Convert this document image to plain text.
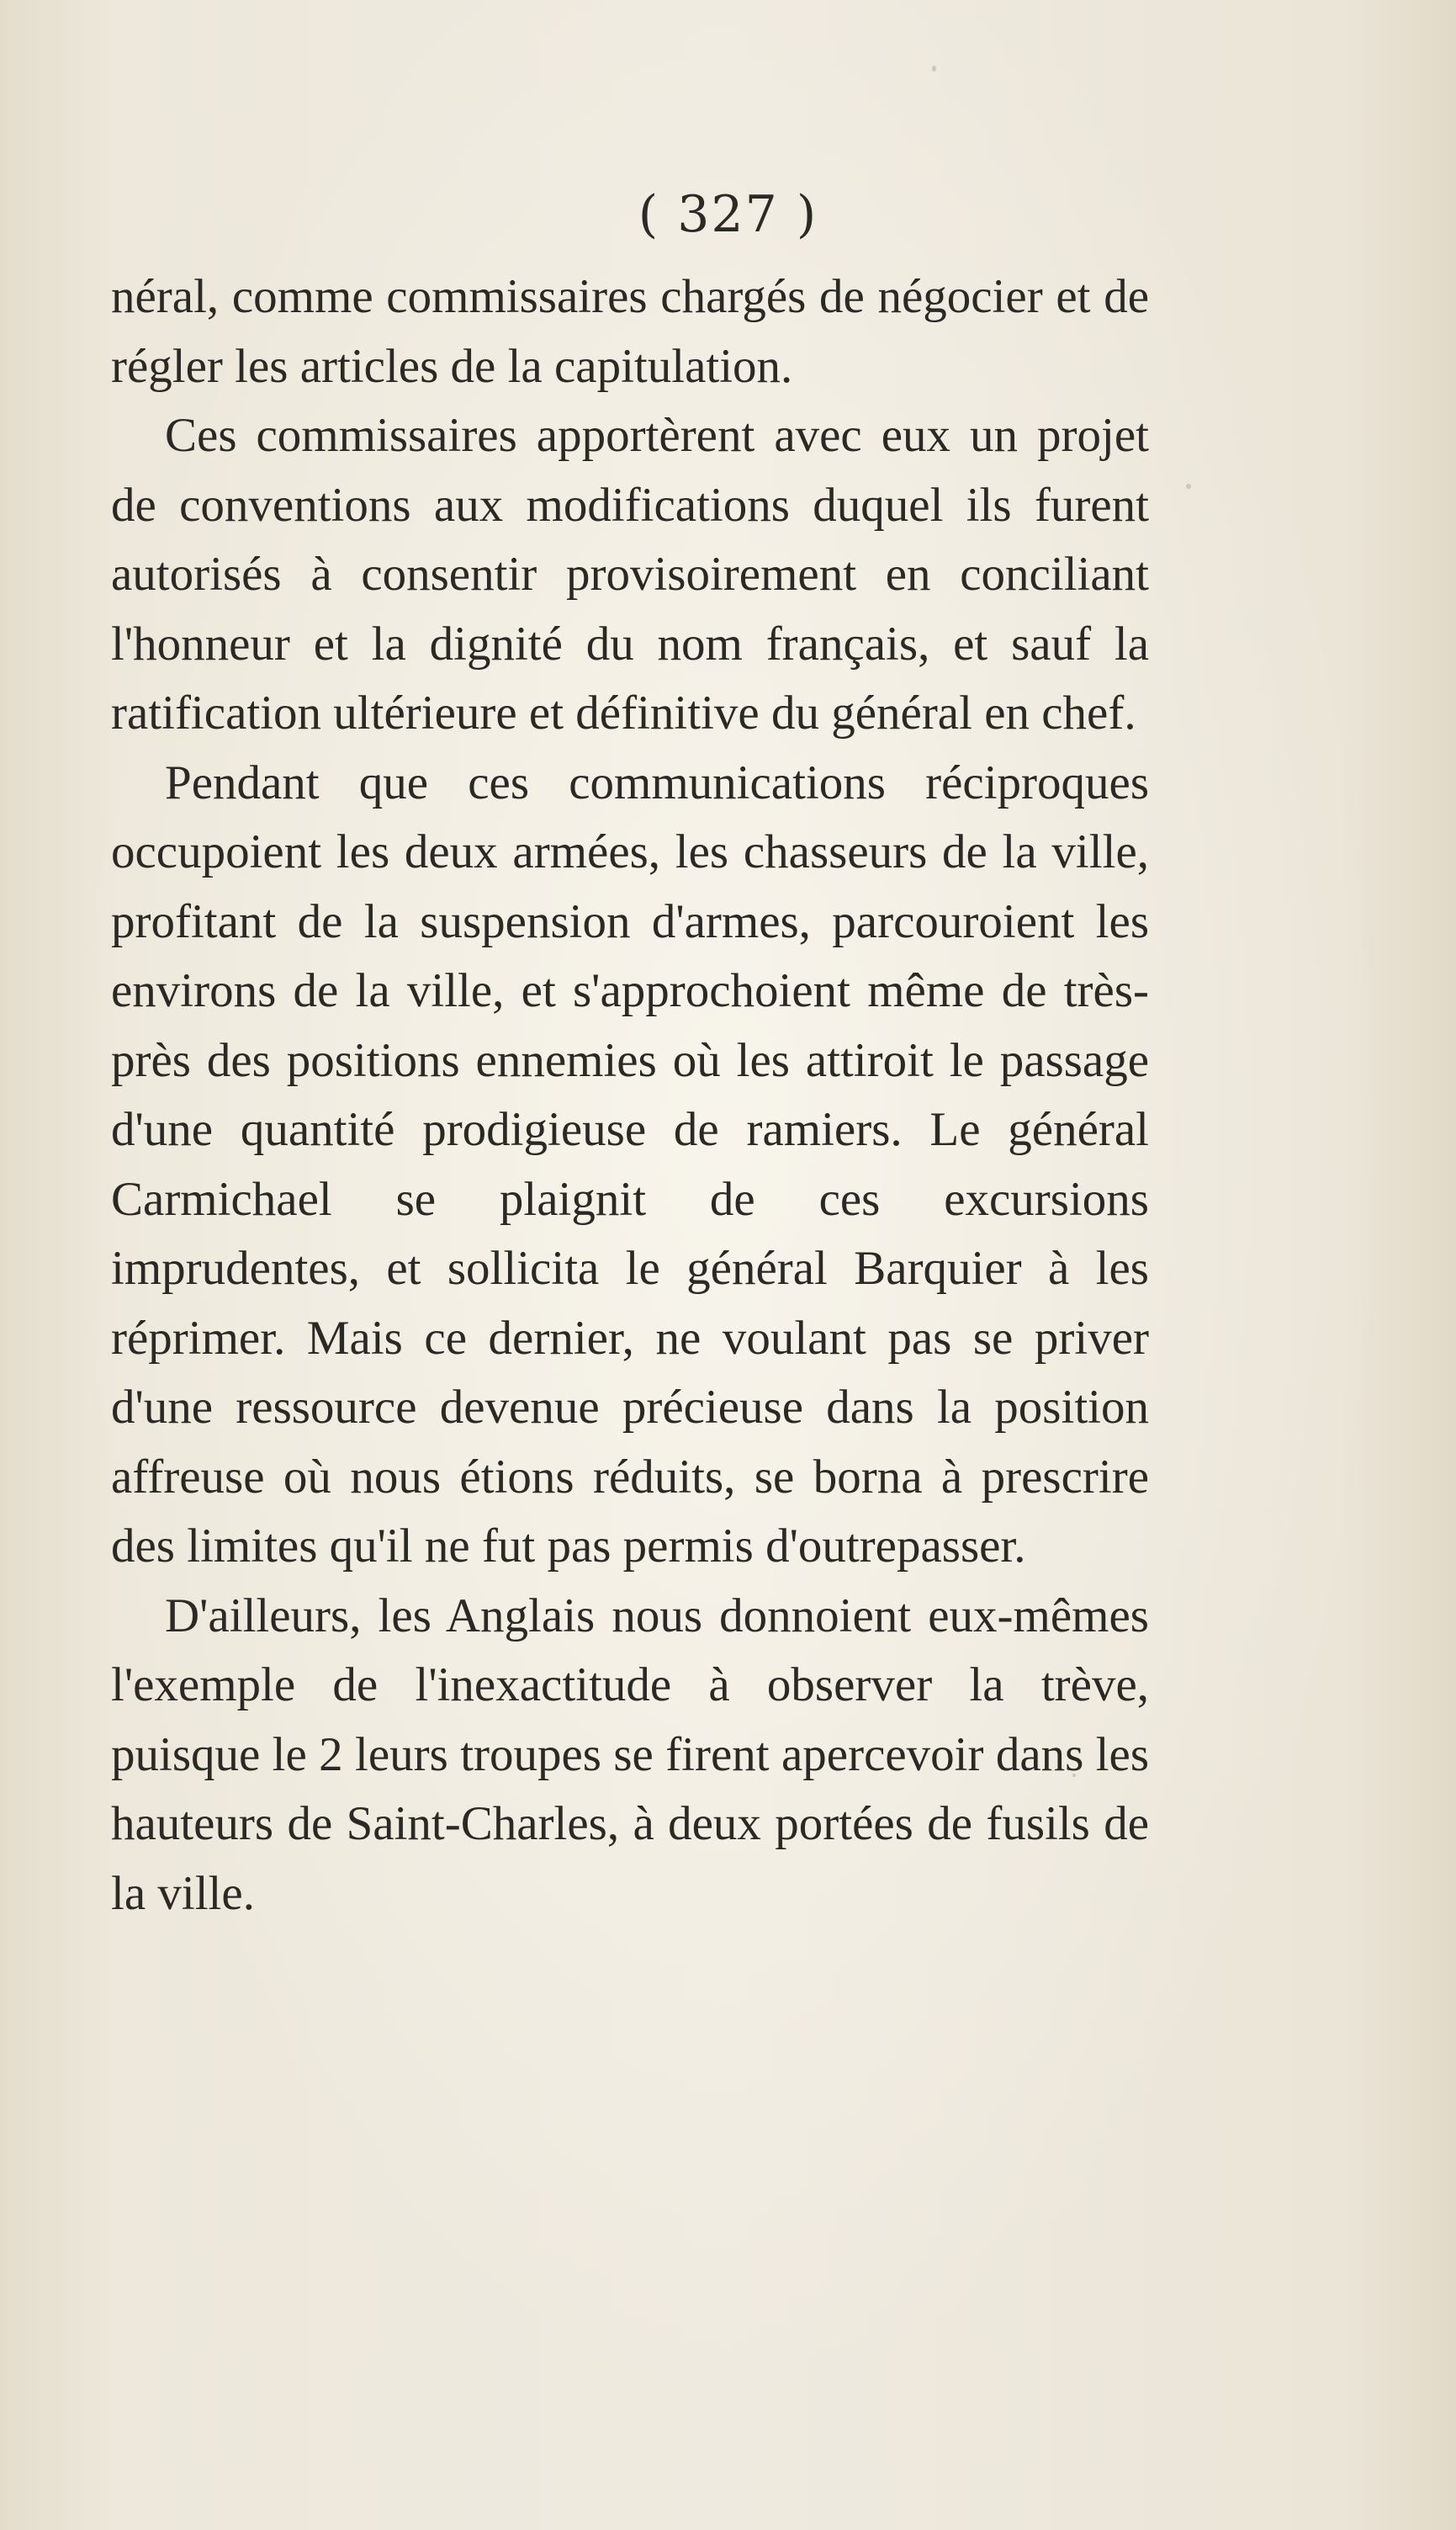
( 327 )

néral, comme commissaires chargés de négocier et de régler les articles de la capitulation.

Ces commissaires apportèrent avec eux un projet de conventions aux modifications duquel ils furent autorisés à consentir provisoirement en conciliant l'honneur et la dignité du nom français, et sauf la ratification ultérieure et définitive du général en chef.

Pendant que ces communications réciproques occupoient les deux armées, les chasseurs de la ville, profitant de la suspension d'armes, parcouroient les environs de la ville, et s'approchoient même de très-près des positions ennemies où les attiroit le passage d'une quantité prodigieuse de ramiers. Le général Carmichael se plaignit de ces excursions imprudentes, et sollicita le général Barquier à les réprimer. Mais ce dernier, ne voulant pas se priver d'une ressource devenue précieuse dans la position affreuse où nous étions réduits, se borna à prescrire des limites qu'il ne fut pas permis d'outrepasser.

D'ailleurs, les Anglais nous donnoient eux-mêmes l'exemple de l'inexactitude à observer la trève, puisque le 2 leurs troupes se firent apercevoir dans les hauteurs de Saint-Charles, à deux portées de fusils de la ville.
